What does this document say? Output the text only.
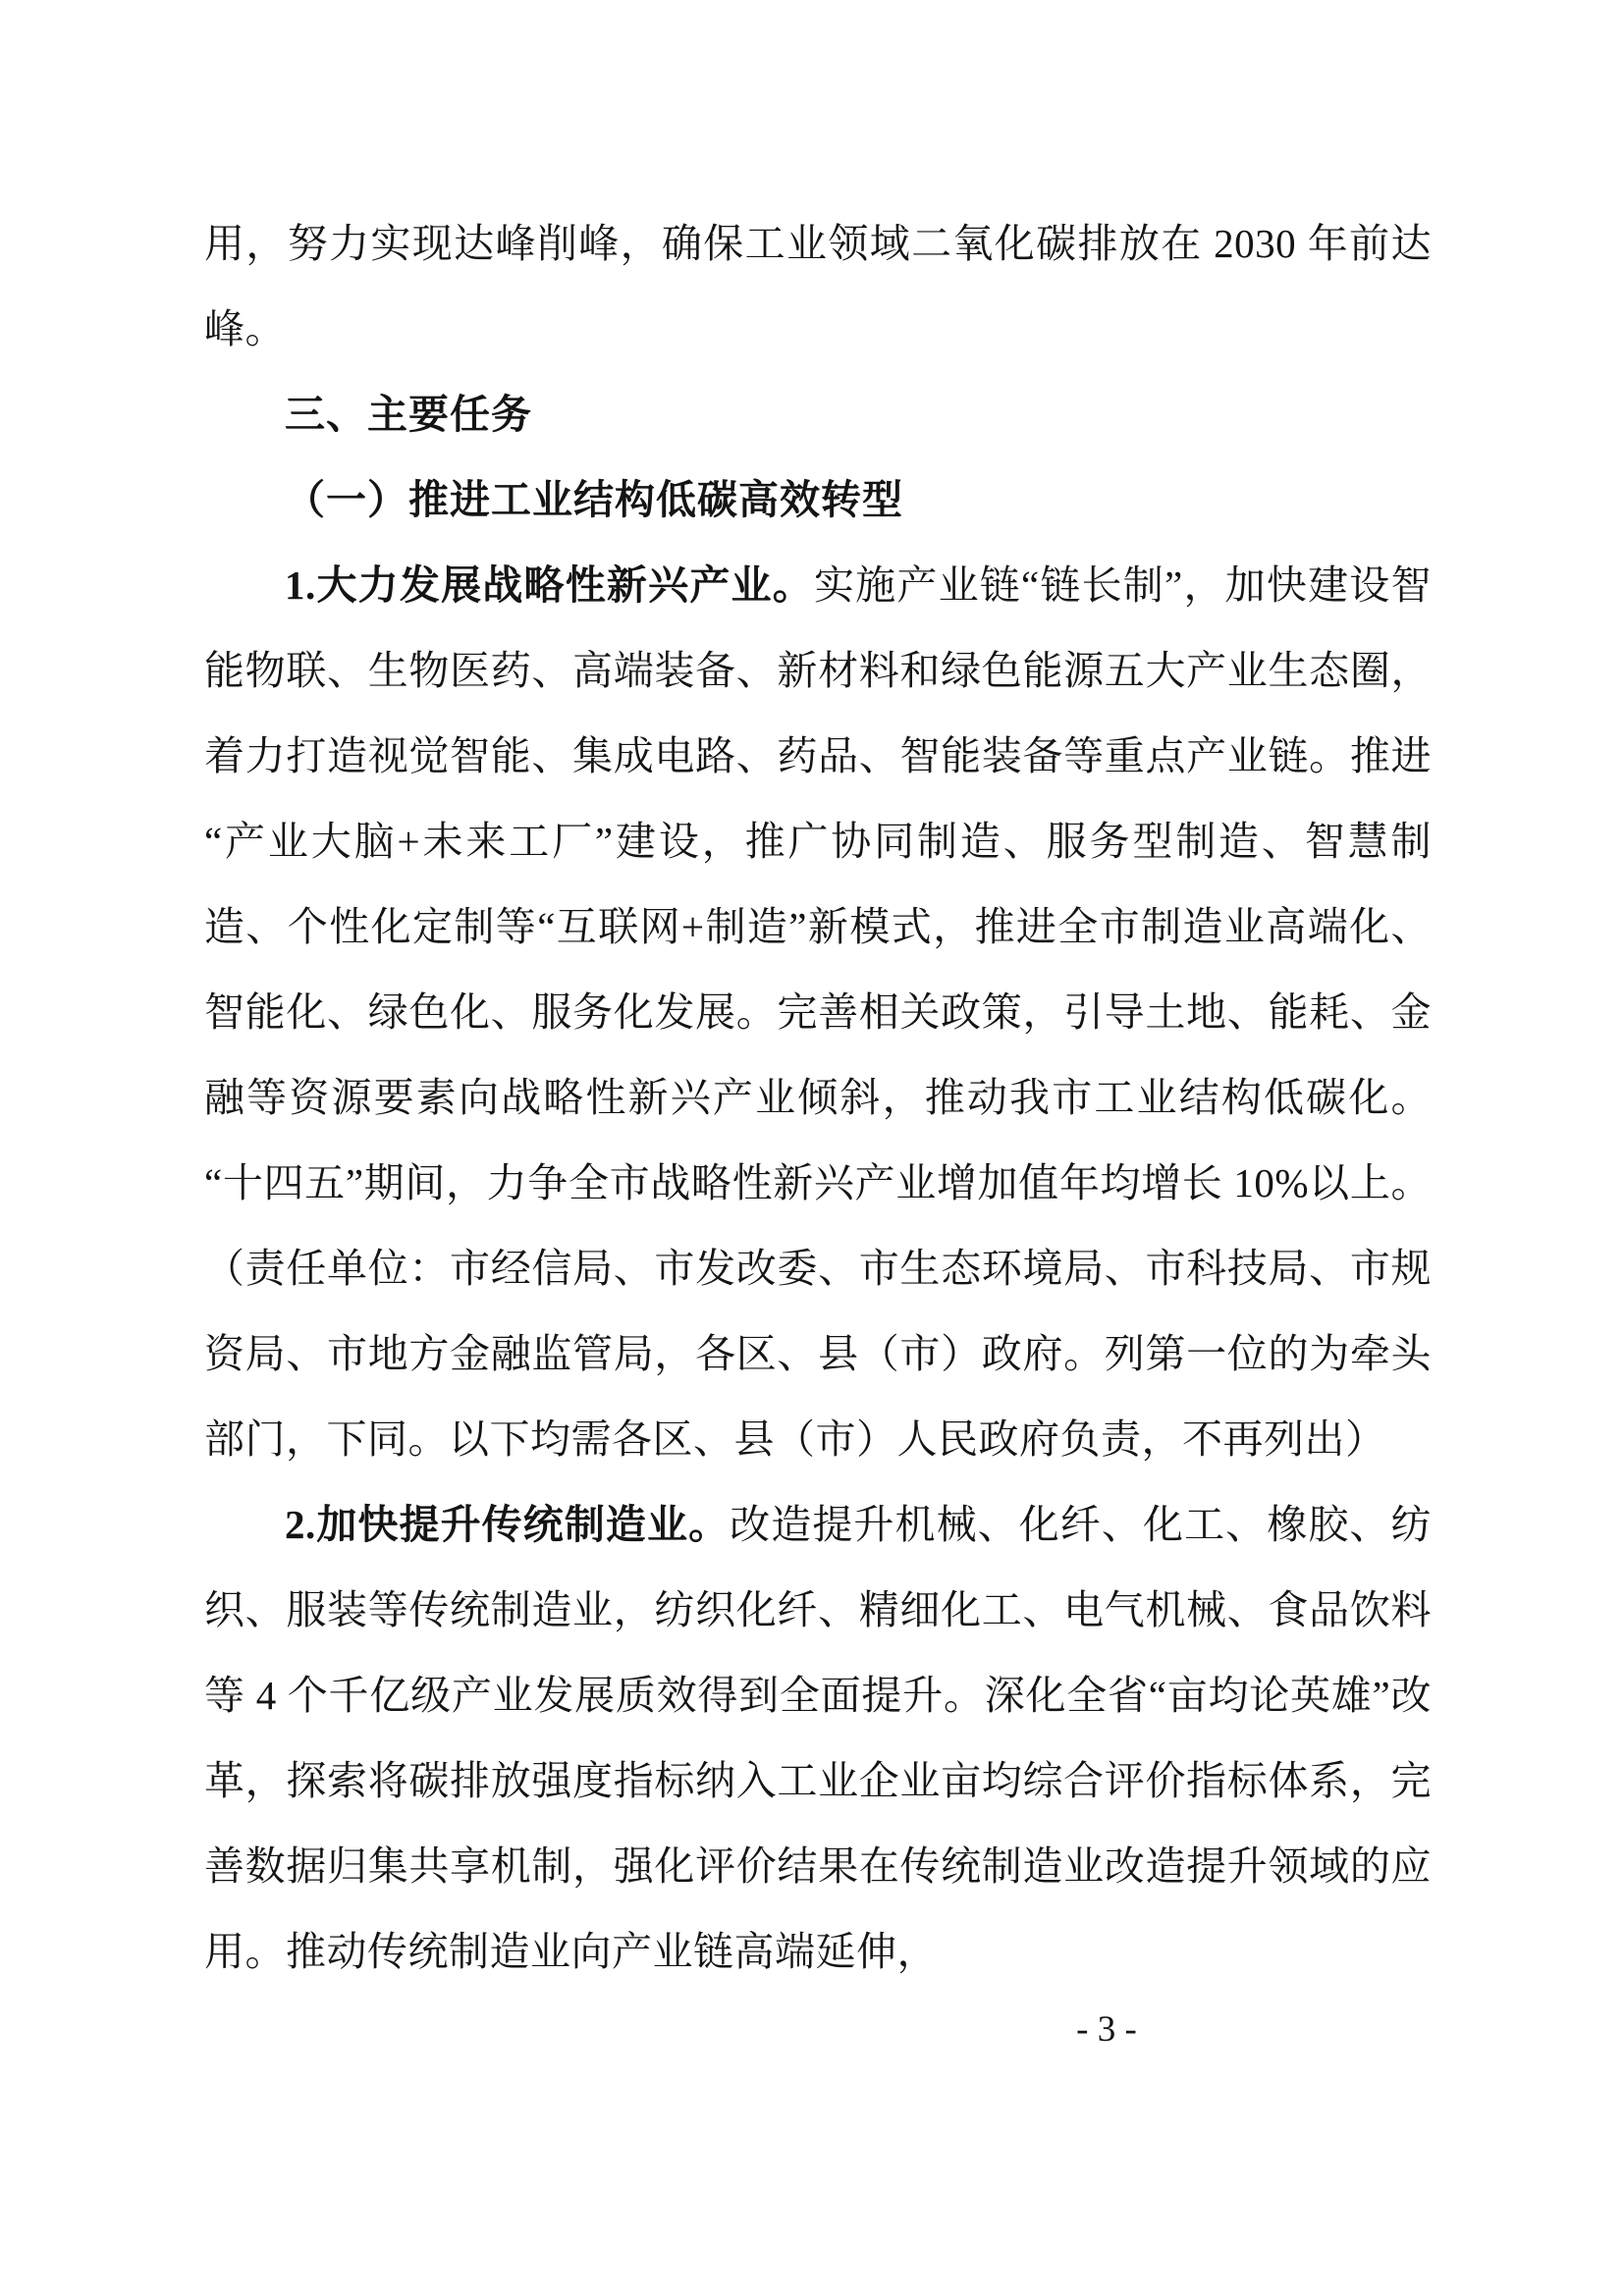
用，努力实现达峰削峰，确保工业领域二氧化碳排放在 2030 年前达峰。

三、主要任务

（一）推进工业结构低碳高效转型

1.大力发展战略性新兴产业。实施产业链“链长制”，加快建设智能物联、生物医药、高端装备、新材料和绿色能源五大产业生态圈，着力打造视觉智能、集成电路、药品、智能装备等重点产业链。推进“产业大脑+未来工厂”建设，推广协同制造、服务型制造、智慧制造、个性化定制等“互联网+制造”新模式，推进全市制造业高端化、智能化、绿色化、服务化发展。完善相关政策，引导土地、能耗、金融等资源要素向战略性新兴产业倾斜，推动我市工业结构低碳化。“十四五”期间，力争全市战略性新兴产业增加值年均增长 10%以上。（责任单位：市经信局、市发改委、市生态环境局、市科技局、市规资局、市地方金融监管局，各区、县（市）政府。列第一位的为牵头部门，下同。以下均需各区、县（市）人民政府负责，不再列出）

2.加快提升传统制造业。改造提升机械、化纤、化工、橡胶、纺织、服装等传统制造业，纺织化纤、精细化工、电气机械、食品饮料等 4 个千亿级产业发展质效得到全面提升。深化全省“亩均论英雄”改革，探索将碳排放强度指标纳入工业企业亩均综合评价指标体系，完善数据归集共享机制，强化评价结果在传统制造业改造提升领域的应用。推动传统制造业向产业链高端延伸，

- 3 -
